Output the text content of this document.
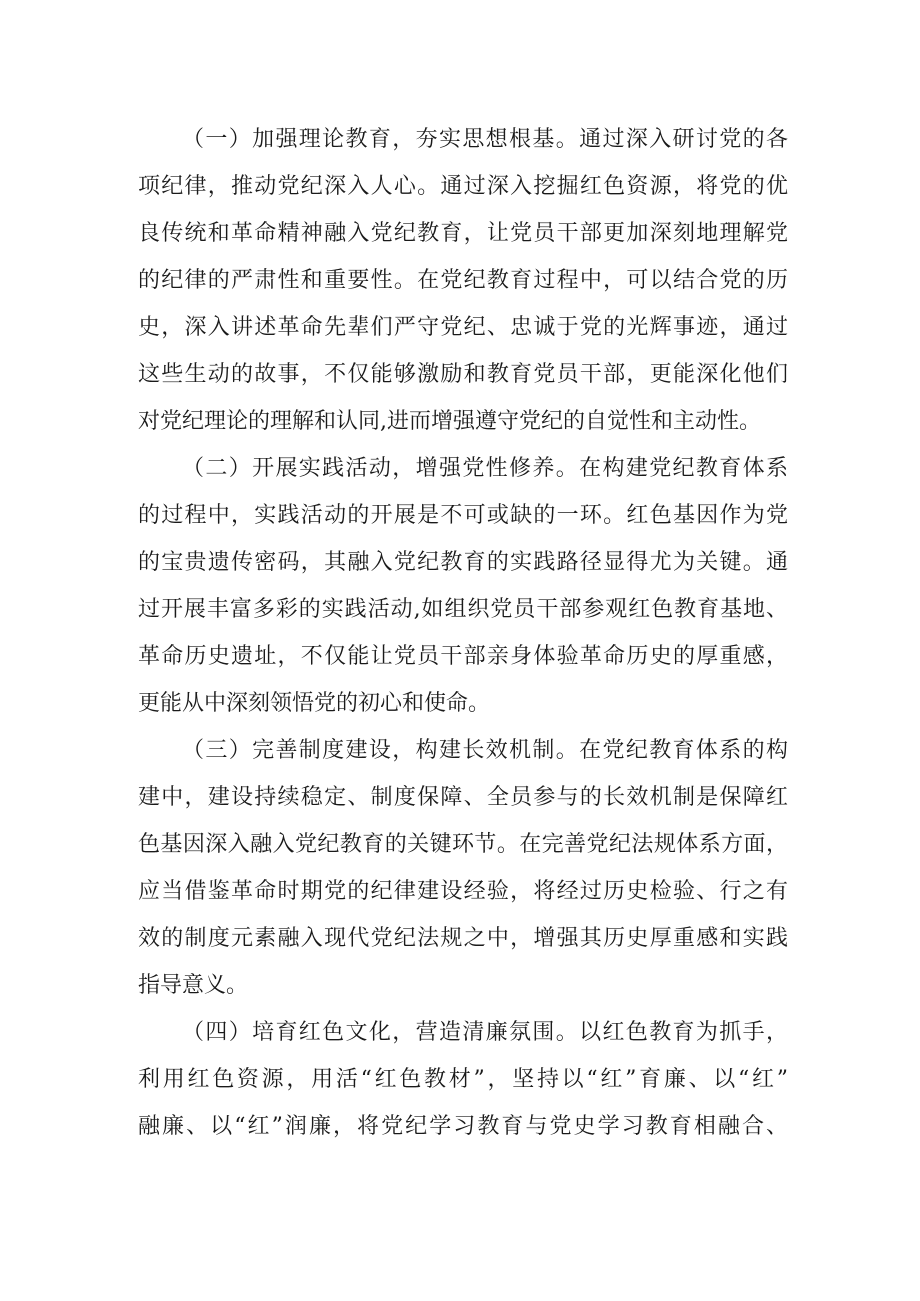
（一）加强理论教育，夯实思想根基。通过深入研讨党的各
项纪律，推动党纪深入人心。通过深入挖掘红色资源，将党的优
良传统和革命精神融入党纪教育，让党员干部更加深刻地理解党
的纪律的严肃性和重要性。在党纪教育过程中，可以结合党的历
史，深入讲述革命先辈们严守党纪、忠诚于党的光辉事迹，通过
这些生动的故事，不仅能够激励和教育党员干部，更能深化他们
对党纪理论的理解和认同,进而增强遵守党纪的自觉性和主动性。
（二）开展实践活动，增强党性修养。在构建党纪教育体系
的过程中，实践活动的开展是不可或缺的一环。红色基因作为党
的宝贵遗传密码，其融入党纪教育的实践路径显得尤为关键。通
过开展丰富多彩的实践活动,如组织党员干部参观红色教育基地、
革命历史遗址，不仅能让党员干部亲身体验革命历史的厚重感，
更能从中深刻领悟党的初心和使命。
（三）完善制度建设，构建长效机制。在党纪教育体系的构
建中，建设持续稳定、制度保障、全员参与的长效机制是保障红
色基因深入融入党纪教育的关键环节。在完善党纪法规体系方面，
应当借鉴革命时期党的纪律建设经验，将经过历史检验、行之有
效的制度元素融入现代党纪法规之中，增强其历史厚重感和实践
指导意义。
（四）培育红色文化，营造清廉氛围。以红色教育为抓手，
利用红色资源，用活“红色教材”，坚持以“红”育廉、以“红”
融廉、以“红”润廉，将党纪学习教育与党史学习教育相融合、
